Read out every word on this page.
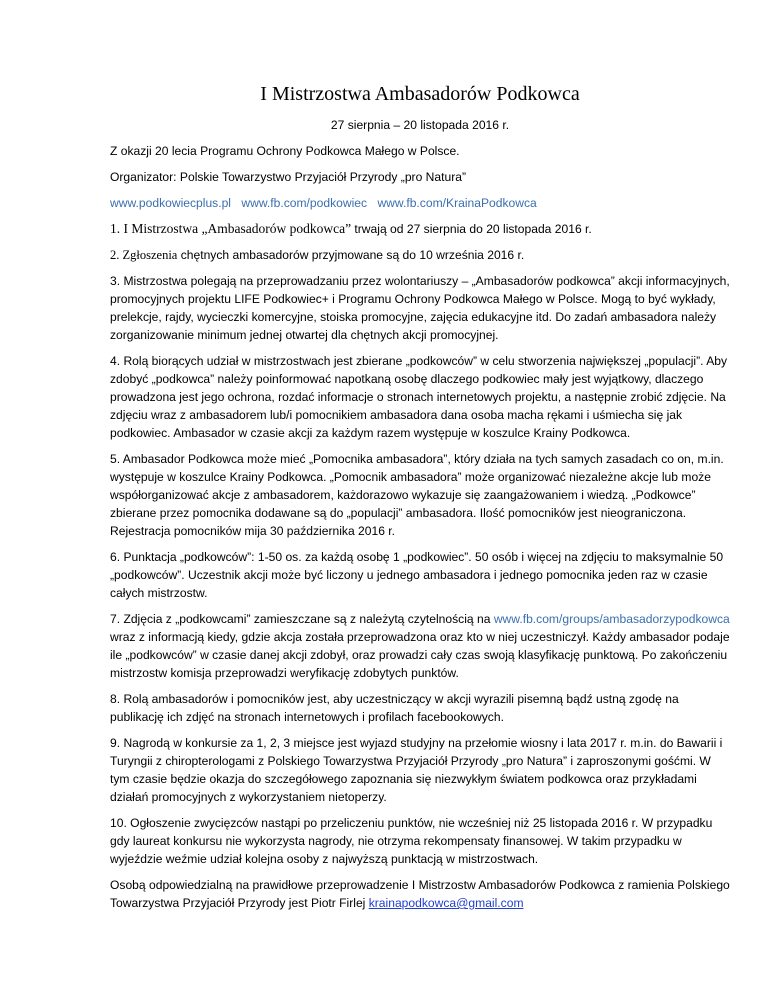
I Mistrzostwa Ambasadorów Podkowca

27 sierpnia – 20 listopada 2016 r.

Z okazji 20 lecia Programu Ochrony Podkowca Małego w Polsce.

Organizator: Polskie Towarzystwo Przyjaciół Przyrody „pro Natura”

www.podkowiecplus.pl www.fb.com/podkowiec www.fb.com/KrainaPodkowca

1. I Mistrzostwa „Ambasadorów podkowca” trwają od 27 sierpnia do 20 listopada 2016 r.

2. Zgłoszenia chętnych ambasadorów przyjmowane są do 10 września 2016 r.

3. Mistrzostwa polegają na przeprowadzaniu przez wolontariuszy – „Ambasadorów podkowca” akcji informacyjnych, promocyjnych projektu LIFE Podkowiec+ i Programu Ochrony Podkowca Małego w Polsce. Mogą to być wykłady, prelekcje, rajdy, wycieczki komercyjne, stoiska promocyjne, zajęcia edukacyjne itd. Do zadań ambasadora należy zorganizowanie minimum jednej otwartej dla chętnych akcji promocyjnej.

4. Rolą biorących udział w mistrzostwach jest zbierane „podkowców” w celu stworzenia największej „populacji”. Aby zdobyć „podkowca” należy poinformować napotkaną osobę dlaczego podkowiec mały jest wyjątkowy, dlaczego prowadzona jest jego ochrona, rozdać informacje o stronach internetowych projektu, a następnie zrobić zdjęcie. Na zdjęciu wraz z ambasadorem lub/i pomocnikiem ambasadora dana osoba macha rękami i uśmiecha się jak podkowiec. Ambasador w czasie akcji za każdym razem występuje w koszulce Krainy Podkowca.

5. Ambasador Podkowca może mieć „Pomocnika ambasadora”, który działa na tych samych zasadach co on, m.in. występuje w koszulce Krainy Podkowca. „Pomocnik ambasadora” może organizować niezależne akcje lub może współorganizować akcje z ambasadorem, każdorazowo wykazuje się zaangażowaniem i wiedzą. „Podkowce” zbierane przez pomocnika dodawane są do „populacji” ambasadora. Ilość pomocników jest nieograniczona. Rejestracja pomocników mija 30 października 2016 r.

6. Punktacja „podkowców”: 1-50 os. za każdą osobę 1 „podkowiec”. 50 osób i więcej na zdjęciu to maksymalnie 50 „podkowców”. Uczestnik akcji może być liczony u jednego ambasadora i jednego pomocnika jeden raz w czasie całych mistrzostw.

7. Zdjęcia z „podkowcami” zamieszczane są z należytą czytelnością na www.fb.com/groups/ambasadorzypodkowca wraz z informacją kiedy, gdzie akcja została przeprowadzona oraz kto w niej uczestniczył. Każdy ambasador podaje ile „podkowców” w czasie danej akcji zdobył, oraz prowadzi cały czas swoją klasyfikację punktową. Po zakończeniu mistrzostw komisja przeprowadzi weryfikację zdobytych punktów.

8. Rolą ambasadorów i pomocników jest, aby uczestniczący w akcji wyrazili pisemną bądź ustną zgodę na publikację ich zdjęć na stronach internetowych i profilach facebookowych.

9. Nagrodą w konkursie za 1, 2, 3 miejsce jest wyjazd studyjny na przełomie wiosny i lata 2017 r. m.in. do Bawarii i Turyngii z chiropterologami z Polskiego Towarzystwa Przyjaciół Przyrody „pro Natura” i zaproszonymi gośćmi. W tym czasie będzie okazja do szczegółowego zapoznania się niezwykłym światem podkowca oraz przykładami działań promocyjnych z wykorzystaniem nietoperzy.

10. Ogłoszenie zwycięzców nastąpi po przeliczeniu punktów, nie wcześniej niż 25 listopada 2016 r. W przypadku gdy laureat konkursu nie wykorzysta nagrody, nie otrzyma rekompensaty finansowej. W takim przypadku w wyjeździe weźmie udział kolejna osoby z najwyższą punktacją w mistrzostwach.

Osobą odpowiedzialną na prawidłowe przeprowadzenie I Mistrzostw Ambasadorów Podkowca z ramienia Polskiego Towarzystwa Przyjaciół Przyrody jest Piotr Firlej krainapodkowca@gmail.com
